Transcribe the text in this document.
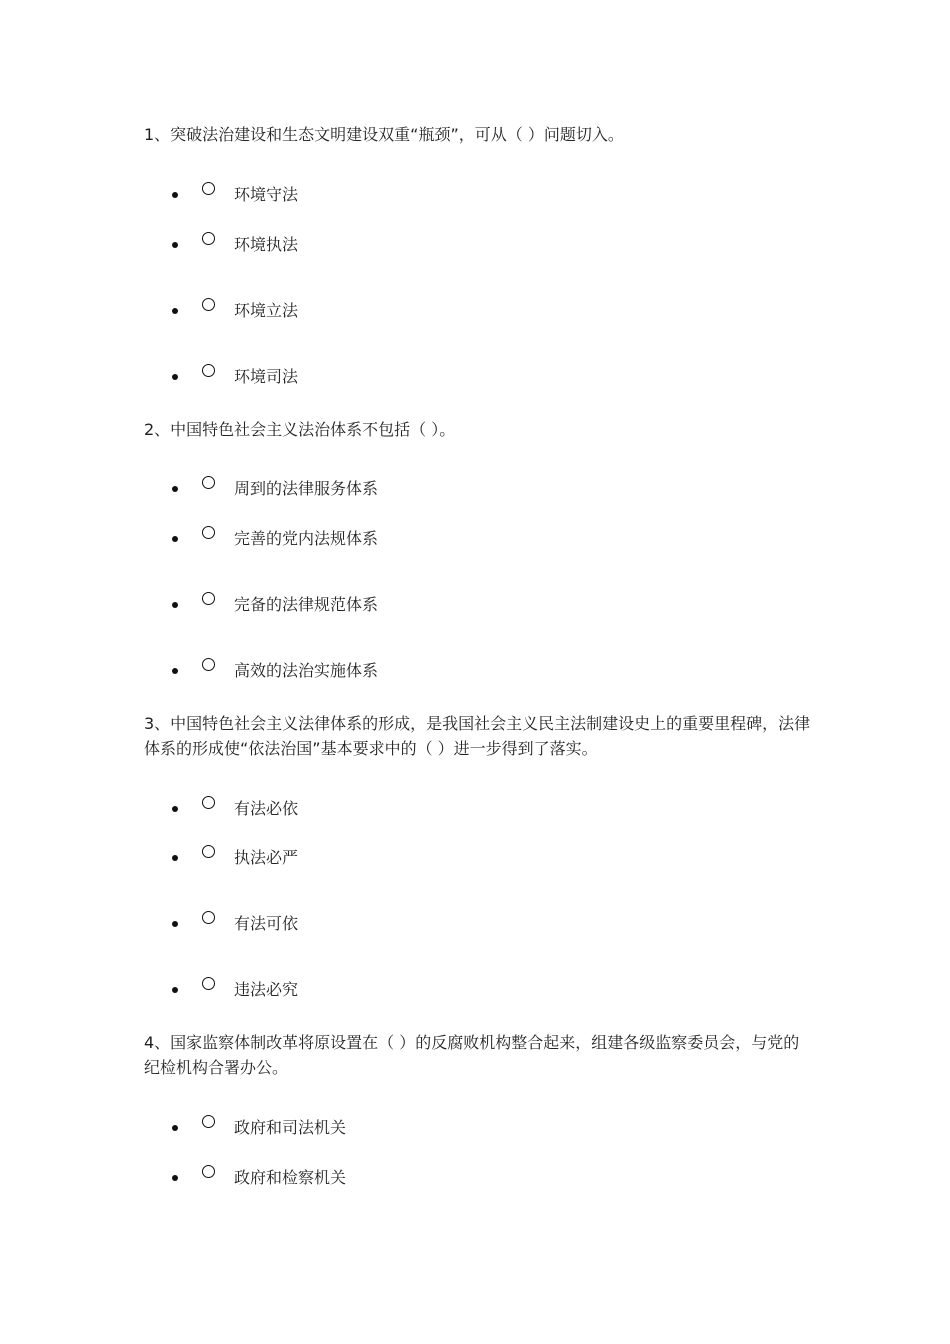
1、突破法治建设和生态文明建设双重“瓶颈”，可从（ ）问题切入。

环境守法
环境执法
环境立法
环境司法

2、中国特色社会主义法治体系不包括（ ）。

周到的法律服务体系
完善的党内法规体系
完备的法律规范体系
高效的法治实施体系

3、中国特色社会主义法律体系的形成，是我国社会主义民主法制建设史上的重要里程碑，法律体系的形成使“依法治国”基本要求中的（ ）进一步得到了落实。

有法必依
执法必严
有法可依
违法必究

4、国家监察体制改革将原设置在（ ）的反腐败机构整合起来，组建各级监察委员会，与党的纪检机构合署办公。

政府和司法机关
政府和检察机关
